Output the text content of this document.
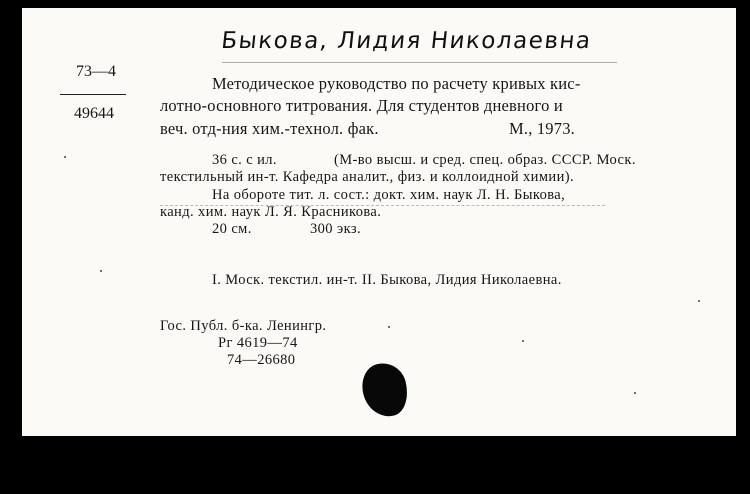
Быкова, Лидия Николаевна
73—4
49644
Методическое руководство по расчету кривых кис-
лотно-основного титрования. Для студентов дневного и
веч. отд-ния хим.-технол. фак.	М., 1973.
36 с. с ил.	(М-во высш. и сред. спец. образ. СССР. Моск.
текстильный ин-т. Кафедра аналит., физ. и коллоидной химии).
На обороте тит. л. сост.: докт. хим. наук Л. Н. Быкова,
канд. хим. наук Л. Я. Красникова.
20 см.	300 экз.
I. Моск. текстил. ин-т. II. Быкова, Лидия Николаевна.
Гос. Публ. б-ка. Ленингр.
Рг 4619—74
74—26680
